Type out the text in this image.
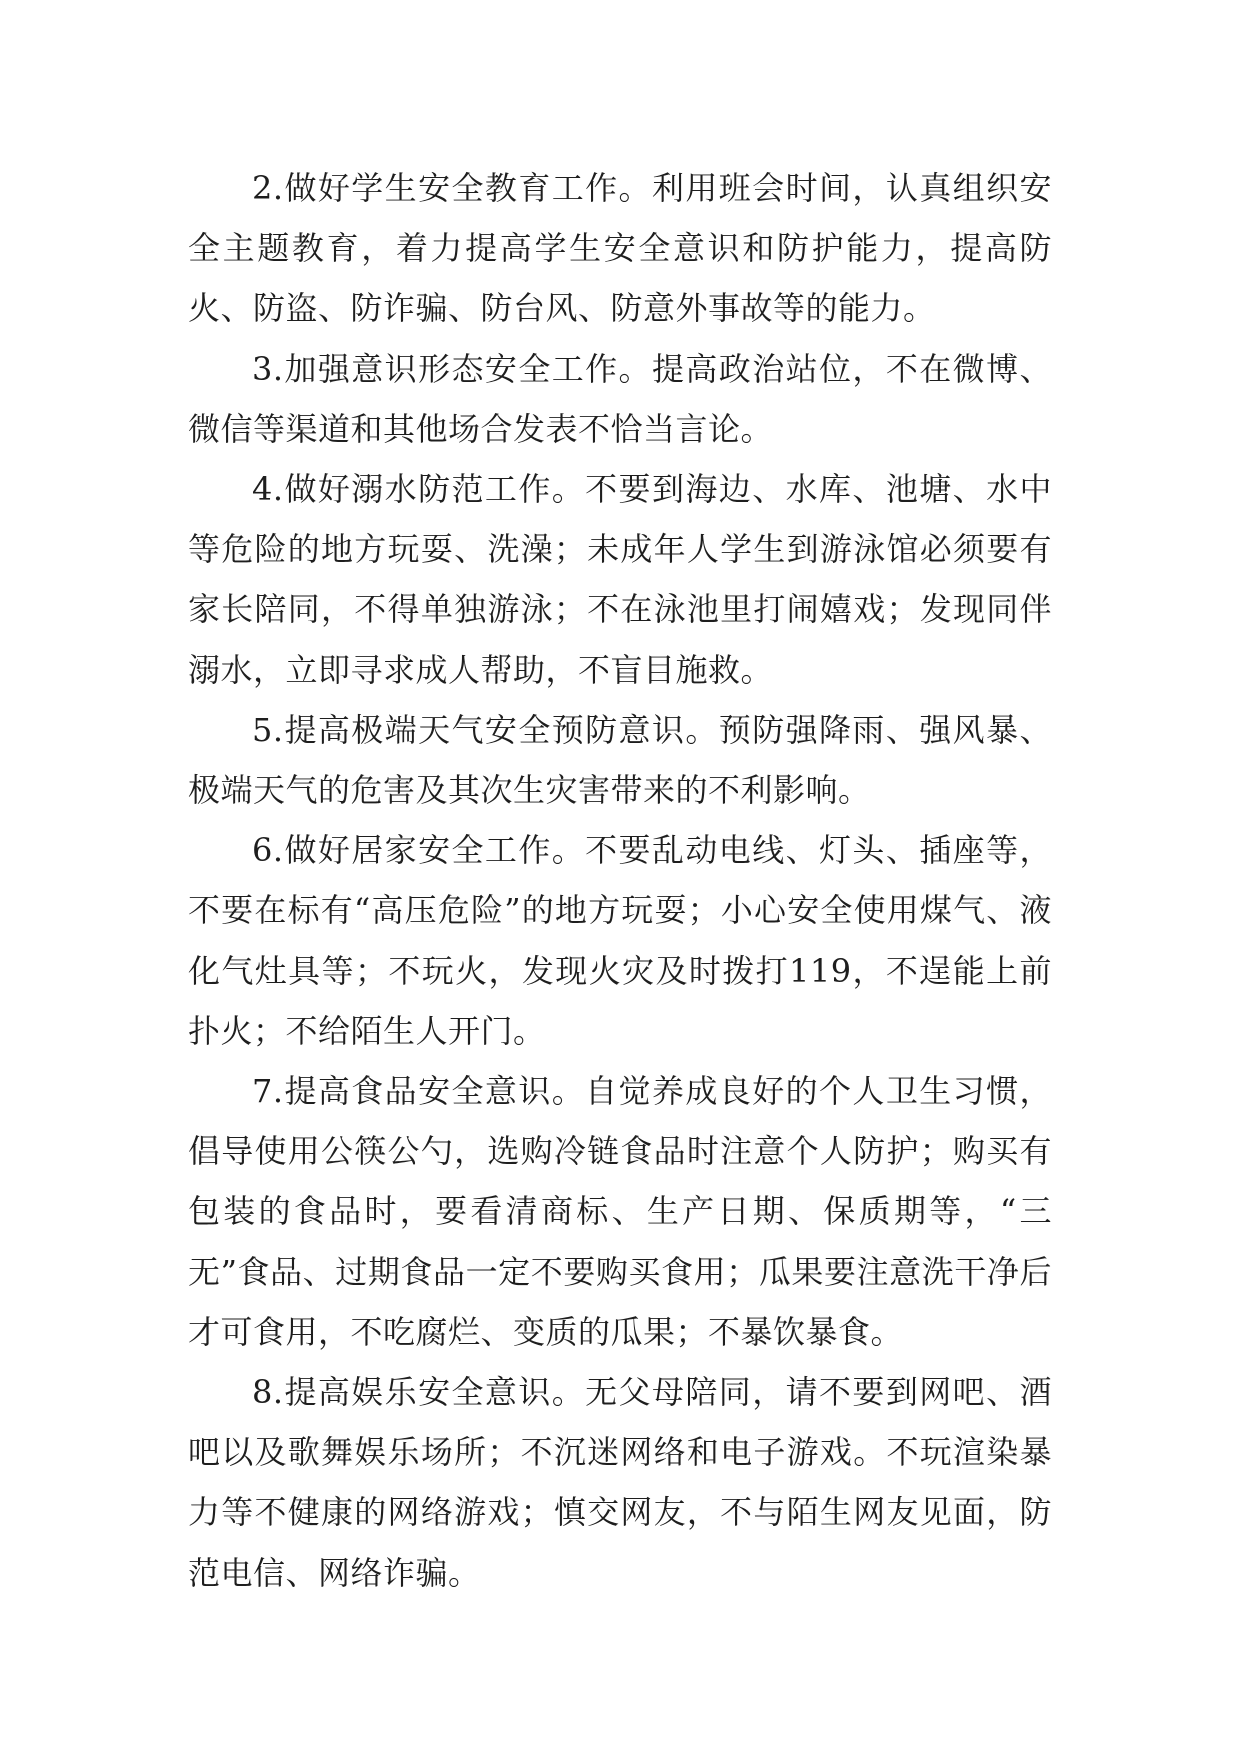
2.做好学生安全教育工作。利用班会时间，认真组织安全主题教育，着力提高学生安全意识和防护能力，提高防火、防盗、防诈骗、防台风、防意外事故等的能力。

3.加强意识形态安全工作。提高政治站位，不在微博、微信等渠道和其他场合发表不恰当言论。

4.做好溺水防范工作。不要到海边、水库、池塘、水中等危险的地方玩耍、洗澡；未成年人学生到游泳馆必须要有家长陪同，不得单独游泳；不在泳池里打闹嬉戏；发现同伴溺水，立即寻求成人帮助，不盲目施救。

5.提高极端天气安全预防意识。预防强降雨、强风暴、极端天气的危害及其次生灾害带来的不利影响。

6.做好居家安全工作。不要乱动电线、灯头、插座等，不要在标有“高压危险”的地方玩耍；小心安全使用煤气、液化气灶具等；不玩火，发现火灾及时拨打119，不逞能上前扑火；不给陌生人开门。

7.提高食品安全意识。自觉养成良好的个人卫生习惯，倡导使用公筷公勺，选购冷链食品时注意个人防护；购买有包装的食品时，要看清商标、生产日期、保质期等，“三无”食品、过期食品一定不要购买食用；瓜果要注意洗干净后才可食用，不吃腐烂、变质的瓜果；不暴饮暴食。

8.提高娱乐安全意识。无父母陪同，请不要到网吧、酒吧以及歌舞娱乐场所；不沉迷网络和电子游戏。不玩渲染暴力等不健康的网络游戏；慎交网友，不与陌生网友见面，防范电信、网络诈骗。
